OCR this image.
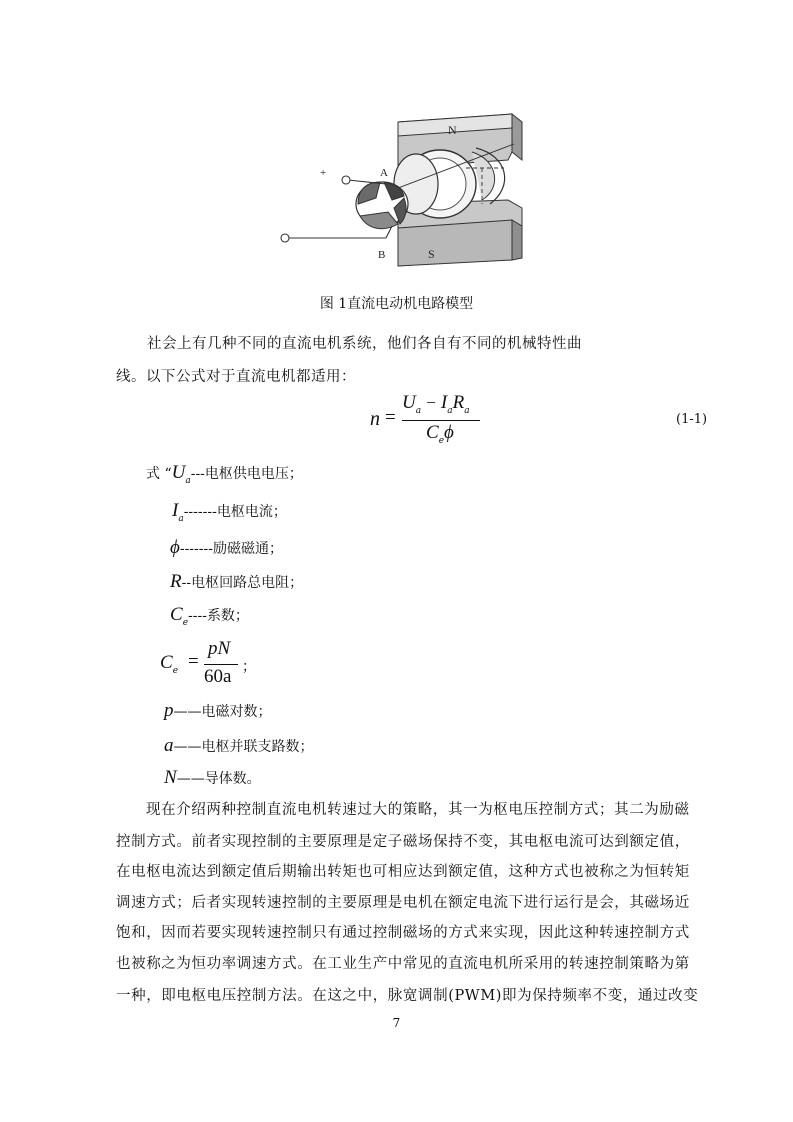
N
S
A
B
+
图 1直流电动机电路模型
社会上有几种不同的直流电机系统，他们各自有不同的机械特性曲
线。以下公式对于直流电机都适用：
n =
$U_a - I_aR_a$
$C_e\phi$
(1-1)
式 “$U_a---$电枢供电电压；
$I_a-------$电枢电流；
ϕ-------励磁磁通；
R--电枢回路总电阻；
$C_e----$系数；
$C_e$ =
pN
60a ；
p——电磁对数；
a——电枢并联支路数；
N——导体数。
现在介绍两种控制直流电机转速过大的策略，其一为枢电压控制方式；其二为励磁
控制方式。前者实现控制的主要原理是定子磁场保持不变，其电枢电流可达到额定值，
在电枢电流达到额定值后期输出转矩也可相应达到额定值，这种方式也被称之为恒转矩
调速方式；后者实现转速控制的主要原理是电机在额定电流下进行运行是会，其磁场近
饱和，因而若要实现转速控制只有通过控制磁场的方式来实现，因此这种转速控制方式
也被称之为恒功率调速方式。在工业生产中常见的直流电机所采用的转速控制策略为第
一种，即电枢电压控制方法。在这之中，脉宽调制(PWM)即为保持频率不变，通过改变
7
